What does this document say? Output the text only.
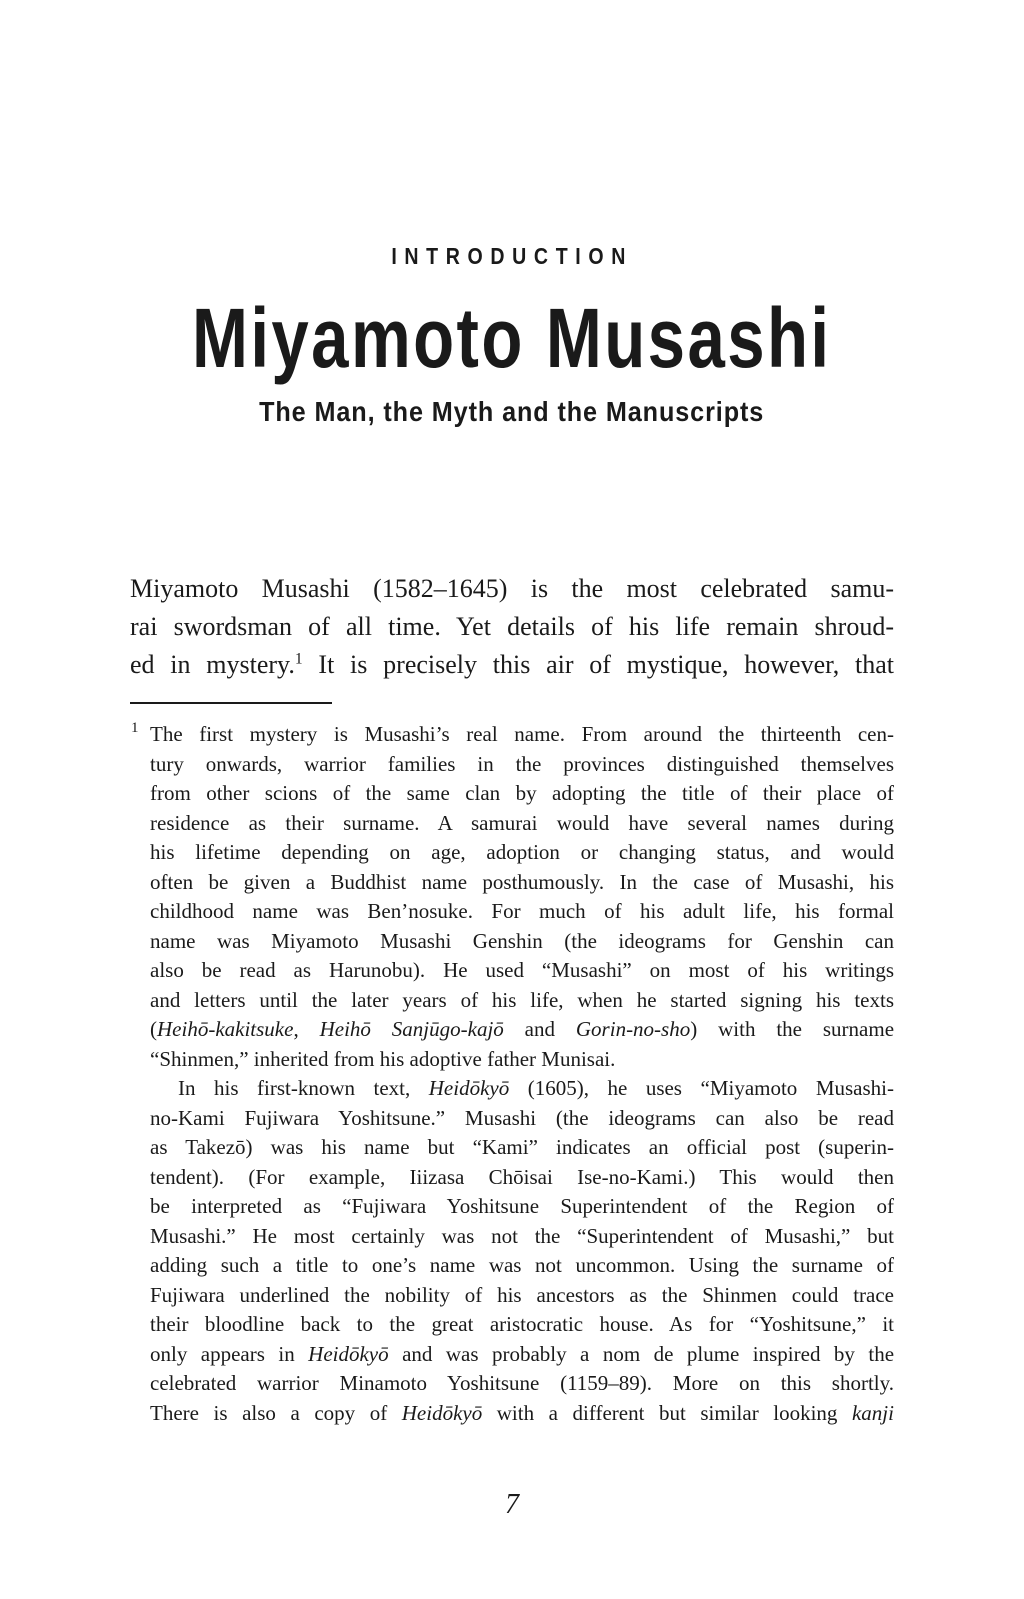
INTRODUCTION
Miyamoto Musashi
The Man, the Myth and the Manuscripts
Miyamoto Musashi (1582–1645) is the most celebrated samu-
rai swordsman of all time. Yet details of his life remain shroud-
ed in mystery.$^1$ It is precisely this air of mystique, however, that
1 The first mystery is Musashi’s real name. From around the thirteenth cen-
tury onwards, warrior families in the provinces distinguished themselves
from other scions of the same clan by adopting the title of their place of
residence as their surname. A samurai would have several names during
his lifetime depending on age, adoption or changing status, and would
often be given a Buddhist name posthumously. In the case of Musashi, his
childhood name was Ben’nosuke. For much of his adult life, his formal
name was Miyamoto Musashi Genshin (the ideograms for Genshin can
also be read as Harunobu). He used “Musashi” on most of his writings
and letters until the later years of his life, when he started signing his texts
(Heihō-kakitsuke, Heihō Sanjūgo-kajō and Gorin-no-sho) with the surname
“Shinmen,” inherited from his adoptive father Munisai.
In his first-known text, Heidōkyō (1605), he uses “Miyamoto Musashi-
no-Kami Fujiwara Yoshitsune.” Musashi (the ideograms can also be read
as Takezō) was his name but “Kami” indicates an official post (superin-
tendent). (For example, Iiizasa Chōisai Ise-no-Kami.) This would then
be interpreted as “Fujiwara Yoshitsune Superintendent of the Region of
Musashi.” He most certainly was not the “Superintendent of Musashi,” but
adding such a title to one’s name was not uncommon. Using the surname of
Fujiwara underlined the nobility of his ancestors as the Shinmen could trace
their bloodline back to the great aristocratic house. As for “Yoshitsune,” it
only appears in Heidōkyō and was probably a nom de plume inspired by the
celebrated warrior Minamoto Yoshitsune (1159–89). More on this shortly.
There is also a copy of Heidōkyō with a different but similar looking kanji
7
